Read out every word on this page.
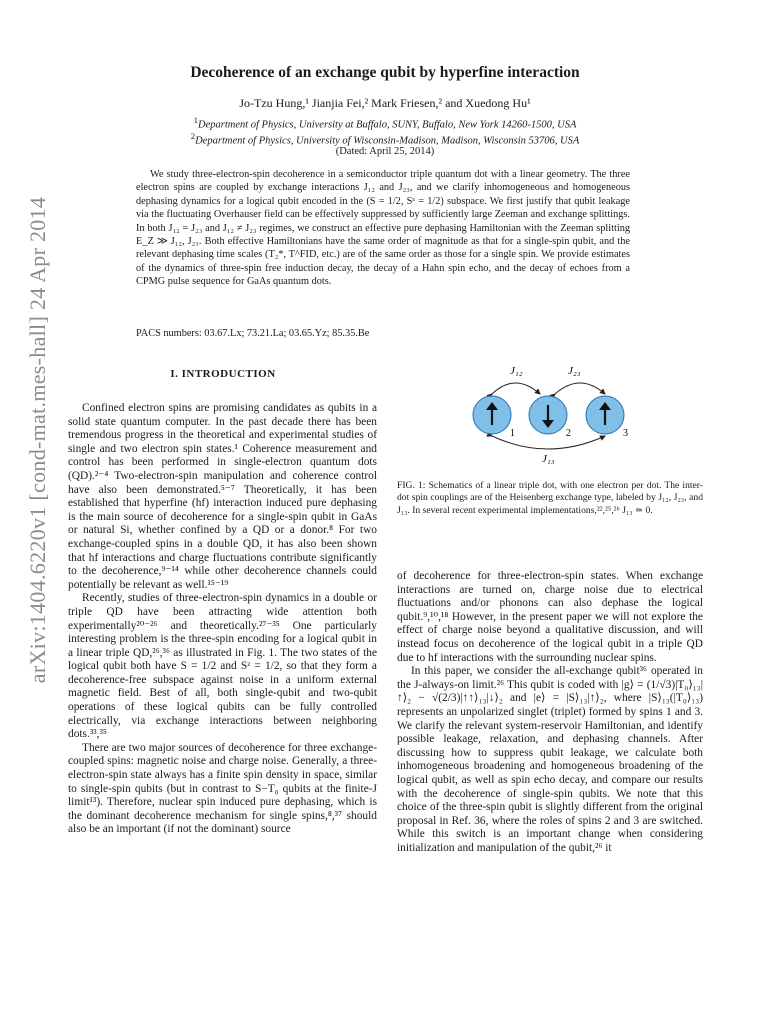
arXiv:1404.6220v1 [cond-mat.mes-hall] 24 Apr 2014
Decoherence of an exchange qubit by hyperfine interaction

Jo-Tzu Hung,¹ Jianjia Fei,² Mark Friesen,² and Xuedong Hu¹

$^1$Department of Physics, University at Buffalo, SUNY, Buffalo, New York 14260-1500, USA

$^2$Department of Physics, University of Wisconsin-Madison, Madison, Wisconsin 53706, USA

(Dated: April 25, 2014)

We study three-electron-spin decoherence in a semiconductor triple quantum dot with a linear geometry. The three electron spins are coupled by exchange interactions J₁₂ and J₂₃, and we clarify inhomogeneous and homogeneous dephasing dynamics for a logical qubit encoded in the (S = 1/2, Sᶻ = 1/2) subspace. We first justify that qubit leakage via the fluctuating Overhauser field can be effectively suppressed by sufficiently large Zeeman and exchange splittings. In both J₁₂ = J₂₃ and J₁₂ ≠ J₂₃ regimes, we construct an effective pure dephasing Hamiltonian with the Zeeman splitting E_Z ≫ J₁₂, J₂₃. Both effective Hamiltonians have the same order of magnitude as that for a single-spin qubit, and the relevant dephasing time scales (T₂*, T^FID, etc.) are of the same order as those for a single spin. We provide estimates of the dynamics of three-spin free induction decay, the decay of a Hahn spin echo, and the decay of echoes from a CPMG pulse sequence for GaAs quantum dots.

PACS numbers: 03.67.Lx; 73.21.La; 03.65.Yz; 85.35.Be

I. INTRODUCTION

Confined electron spins are promising candidates as qubits in a solid state quantum computer. In the past decade there has been tremendous progress in the theoretical and experimental studies of single and two electron spin states.¹ Coherence measurement and control has been performed in single-electron quantum dots (QD).²⁻⁴ Two-electron-spin manipulation and coherence control have also been demonstrated.⁵⁻⁷ Theoretically, it has been established that hyperfine (hf) interaction induced pure dephasing is the main source of decoherence for a single-spin qubit in GaAs or natural Si, whether confined by a QD or a donor.⁸ For two exchange-coupled spins in a double QD, it has also been shown that hf interactions and charge fluctuations contribute significantly to the decoherence,⁹⁻¹⁴ while other decoherence channels could potentially be relevant as well.¹⁵⁻¹⁹

Recently, studies of three-electron-spin dynamics in a double or triple QD have been attracting wide attention both experimentally²⁰⁻²⁶ and theoretically.²⁷⁻³⁵ One particularly interesting problem is the three-spin encoding for a logical qubit in a linear triple QD,²⁶,³⁶ as illustrated in Fig. 1. The two states of the logical qubit both have S = 1/2 and Sᶻ = 1/2, so that they form a decoherence-free subspace against noise in a uniform external magnetic field. Best of all, both single-qubit and two-qubit operations of these logical qubits can be fully controlled electrically, via exchange interactions between neighboring dots.³³,³⁵

There are two major sources of decoherence for three exchange-coupled spins: magnetic noise and charge noise. Generally, a three-electron-spin state always has a finite spin density in space, similar to single-spin qubits (but in contrast to S−T₀ qubits at the finite-J limit¹³). Therefore, nuclear spin induced pure dephasing, which is the dominant decoherence mechanism for single spins,⁸,³⁷ should also be an important (if not the dominant) source

J₁₂	J₂₃
J₁₃
1	2	3

FIG. 1: Schematics of a linear triple dot, with one electron per dot. The inter-dot spin couplings are of the Heisenberg exchange type, labeled by J₁₂, J₂₃, and J₁₃. In several recent experimental implementations,²²,²⁵,²⁶ J₁₃ ≃ 0.

of decoherence for three-electron-spin states. When exchange interactions are turned on, charge noise due to electrical fluctuations and/or phonons can also dephase the logical qubit.⁹,¹⁰,¹⁸ However, in the present paper we will not explore the effect of charge noise beyond a qualitative discussion, and will instead focus on decoherence of the logical qubit in a triple QD due to hf interactions with the surrounding nuclear spins.

In this paper, we consider the all-exchange qubit³⁶ operated in the J-always-on limit.²⁶ This qubit is coded with |g⟩ = (1/√3)|T₀⟩₁₃|↑⟩₂ − √(2/3)|↑↑⟩₁₃|↓⟩₂ and |e⟩ = |S⟩₁₃|↑⟩₂, where |S⟩₁₃(|T₀⟩₁₃) represents an unpolarized singlet (triplet) formed by spins 1 and 3. We clarify the relevant system-reservoir Hamiltonian, and identify possible leakage, relaxation, and dephasing channels. After discussing how to suppress qubit leakage, we calculate both inhomogeneous broadening and homogeneous broadening of the logical qubit, as well as spin echo decay, and compare our results with the decoherence of single-spin qubits. We note that this choice of the three-spin qubit is slightly different from the original proposal in Ref. 36, where the roles of spins 2 and 3 are switched. While this switch is an important change when considering initialization and manipulation of the qubit,²⁶ it
